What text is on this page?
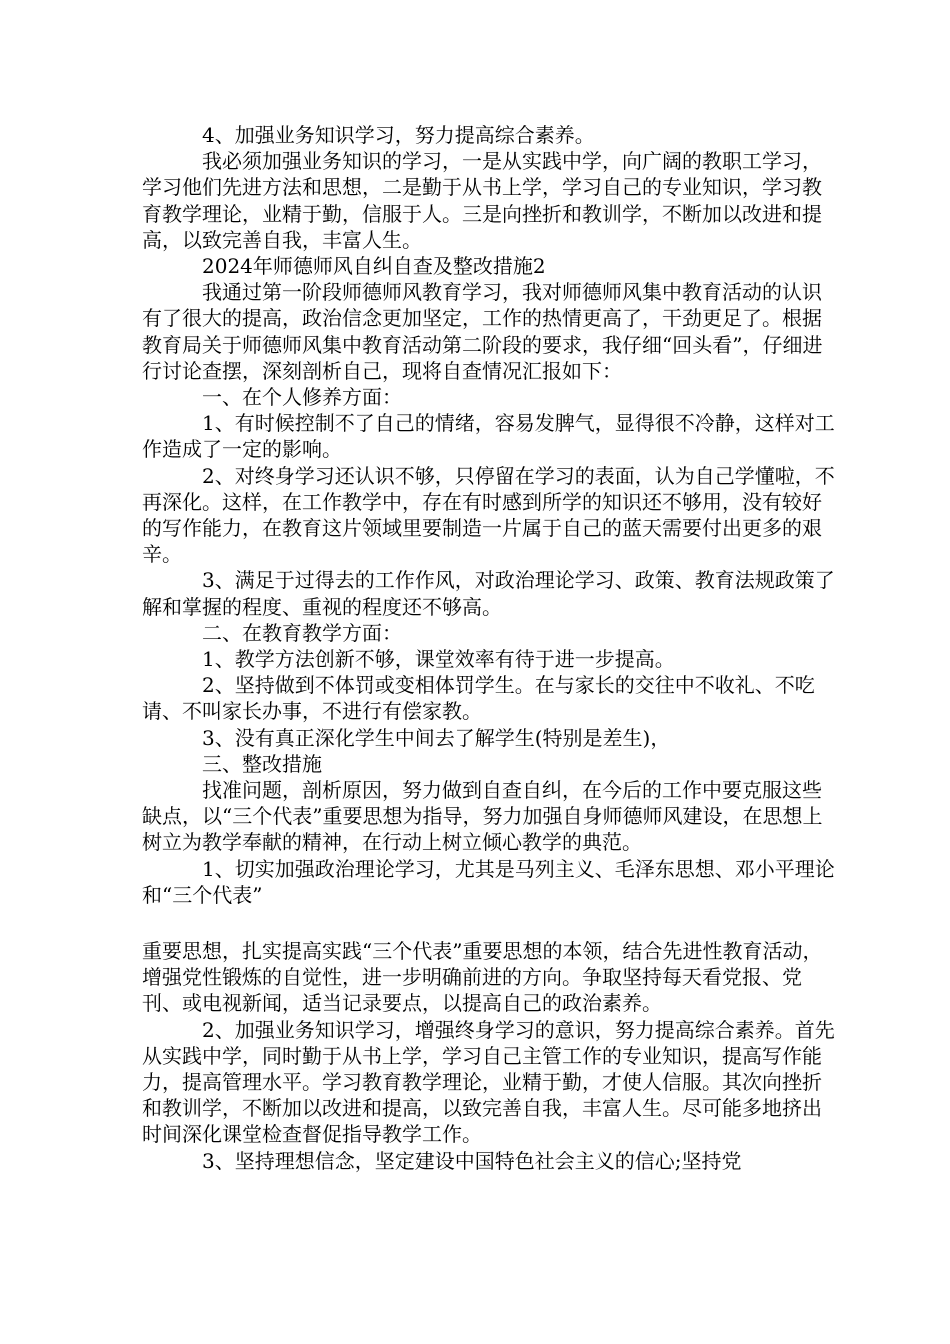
4、加强业务知识学习，努力提高综合素养。

我必须加强业务知识的学习，一是从实践中学，向广阔的教职工学习，学习他们先进方法和思想，二是勤于从书上学，学习自己的专业知识，学习教育教学理论，业精于勤，信服于人。三是向挫折和教训学，不断加以改进和提高，以致完善自我，丰富人生。

2024年师德师风自纠自查及整改措施2

我通过第一阶段师德师风教育学习，我对师德师风集中教育活动的认识有了很大的提高，政治信念更加坚定，工作的热情更高了，干劲更足了。根据教育局关于师德师风集中教育活动第二阶段的要求，我仔细“回头看”，仔细进行讨论查摆，深刻剖析自己，现将自查情况汇报如下：

一、在个人修养方面：

1、有时候控制不了自己的情绪，容易发脾气，显得很不冷静，这样对工作造成了一定的影响。

2、对终身学习还认识不够，只停留在学习的表面，认为自己学懂啦，不再深化。这样，在工作教学中，存在有时感到所学的知识还不够用，没有较好的写作能力，在教育这片领域里要制造一片属于自己的蓝天需要付出更多的艰辛。

3、满足于过得去的工作作风，对政治理论学习、政策、教育法规政策了解和掌握的程度、重视的程度还不够高。

二、在教育教学方面：

1、教学方法创新不够，课堂效率有待于进一步提高。

2、坚持做到不体罚或变相体罚学生。在与家长的交往中不收礼、不吃请、不叫家长办事，不进行有偿家教。

3、没有真正深化学生中间去了解学生(特别是差生)，

三、整改措施

找准问题，剖析原因，努力做到自查自纠，在今后的工作中要克服这些缺点，以“三个代表”重要思想为指导，努力加强自身师德师风建设，在思想上树立为教学奉献的精神，在行动上树立倾心教学的典范。

1、切实加强政治理论学习，尤其是马列主义、毛泽东思想、邓小平理论和“三个代表”

重要思想，扎实提高实践“三个代表”重要思想的本领，结合先进性教育活动，增强党性锻炼的自觉性，进一步明确前进的方向。争取坚持每天看党报、党刊、或电视新闻，适当记录要点，以提高自己的政治素养。

2、加强业务知识学习，增强终身学习的意识，努力提高综合素养。首先从实践中学，同时勤于从书上学，学习自己主管工作的专业知识，提高写作能力，提高管理水平。学习教育教学理论，业精于勤，才使人信服。其次向挫折和教训学，不断加以改进和提高，以致完善自我，丰富人生。尽可能多地挤出时间深化课堂检查督促指导教学工作。

3、坚持理想信念，坚定建设中国特色社会主义的信心;坚持党
